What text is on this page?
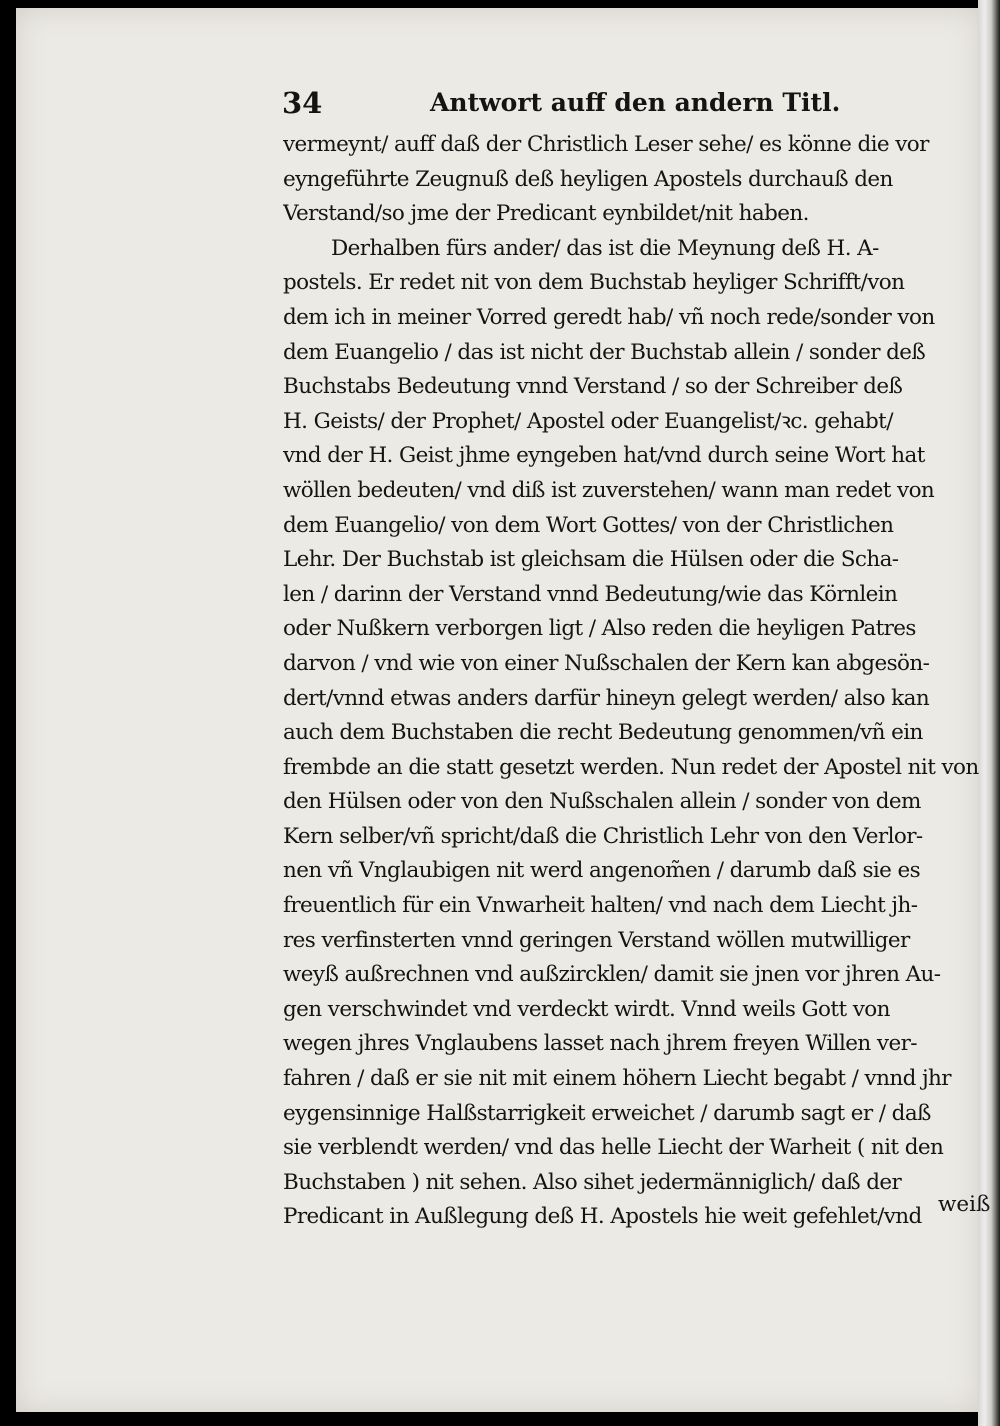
34	Antwort auff den andern Titl.
vermeynt/ auff daß der Christlich Leser sehe/ es könne die vor
eyngeführte Zeugnuß deß heyligen Apostels durchauß den
Verstand/so jme der Predicant eynbildet/nit haben.
Derhalben fürs ander/ das ist die Meynung deß H. A-
postels. Er redet nit von dem Buchstab heyliger Schrifft/von
dem ich in meiner Vorred geredt hab/ vñ noch rede/sonder von
dem Euangelio / das ist nicht der Buchstab allein / sonder deß
Buchstabs Bedeutung vnnd Verstand / so der Schreiber deß
H. Geists/ der Prophet/ Apostel oder Euangelist/ꝛc. gehabt/
vnd der H. Geist jhme eyngeben hat/vnd durch seine Wort hat
wöllen bedeuten/ vnd diß ist zuverstehen/ wann man redet von
dem Euangelio/ von dem Wort Gottes/ von der Christlichen
Lehr. Der Buchstab ist gleichsam die Hülsen oder die Scha-
len / darinn der Verstand vnnd Bedeutung/wie das Körnlein
oder Nußkern verborgen ligt / Also reden die heyligen Patres
darvon / vnd wie von einer Nußschalen der Kern kan abgesön-
dert/vnnd etwas anders darfür hineyn gelegt werden/ also kan
auch dem Buchstaben die recht Bedeutung genommen/vñ ein
frembde an die statt gesetzt werden. Nun redet der Apostel nit von
den Hülsen oder von den Nußschalen allein / sonder von dem
Kern selber/vñ spricht/daß die Christlich Lehr von den Verlor-
nen vñ Vnglaubigen nit werd angenom̃en / darumb daß sie es
freuentlich für ein Vnwarheit halten/ vnd nach dem Liecht jh-
res verfinsterten vnnd geringen Verstand wöllen mutwilliger
weyß außrechnen vnd außzircklen/ damit sie jnen vor jhren Au-
gen verschwindet vnd verdeckt wirdt. Vnnd weils Gott von
wegen jhres Vnglaubens lasset nach jhrem freyen Willen ver-
fahren / daß er sie nit mit einem höhern Liecht begabt / vnnd jhr
eygensinnige Halßstarrigkeit erweichet / darumb sagt er / daß
sie verblendt werden/ vnd das helle Liecht der Warheit ( nit den
Buchstaben ) nit sehen. Also sihet jedermänniglich/ daß der
Predicant in Außlegung deß H. Apostels hie weit gefehlet/vnd weiß
